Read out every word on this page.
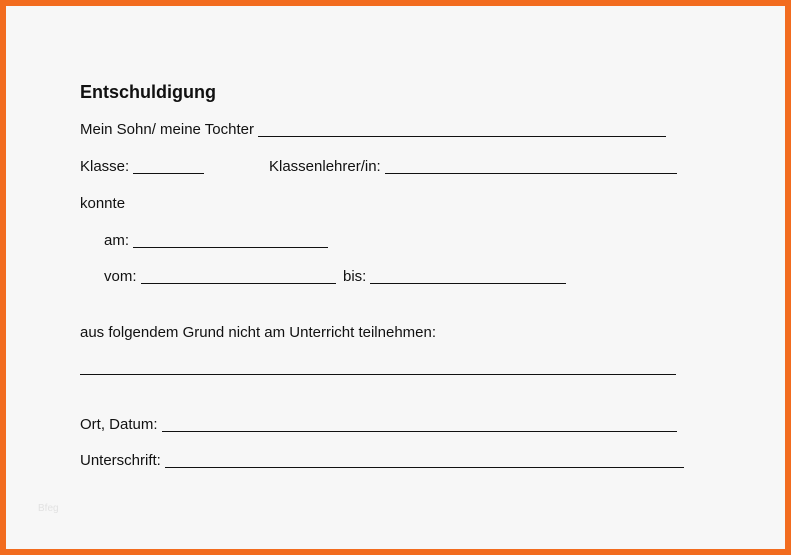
Entschuldigung
Mein Sohn/ meine Tochter
Klasse:	Klassenlehrer/in:
konnte
am:
vom:	bis:
aus folgendem Grund nicht am Unterricht teilnehmen:
Ort, Datum:
Unterschrift:
Bfeg
